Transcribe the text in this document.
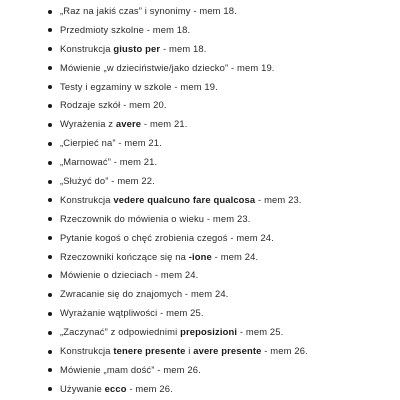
„Raz na jakiś czas” i synonimy - mem 18.
Przedmioty szkolne - mem 18.
Konstrukcja giusto per - mem 18.
Mówienie „w dzieciństwie/jako dziecko” - mem 19.
Testy i egzaminy w szkole - mem 19.
Rodzaje szkół - mem 20.
Wyrażenia z avere - mem 21.
„Cierpieć na” - mem 21.
„Marnować” - mem 21.
„Służyć do” - mem 22.
Konstrukcja vedere qualcuno fare qualcosa - mem 23.
Rzeczownik do mówienia o wieku - mem 23.
Pytanie kogoś o chęć zrobienia czegoś - mem 24.
Rzeczowniki kończące się na -ione - mem 24.
Mówienie o dzieciach - mem 24.
Zwracanie się do znajomych - mem 24.
Wyrażanie wątpliwości - mem 25.
„Zaczynać” z odpowiednimi preposizioni - mem 25.
Konstrukcja tenere presente i avere presente - mem 26.
Mówienie „mam dość” - mem 26.
Używanie ecco - mem 26.
